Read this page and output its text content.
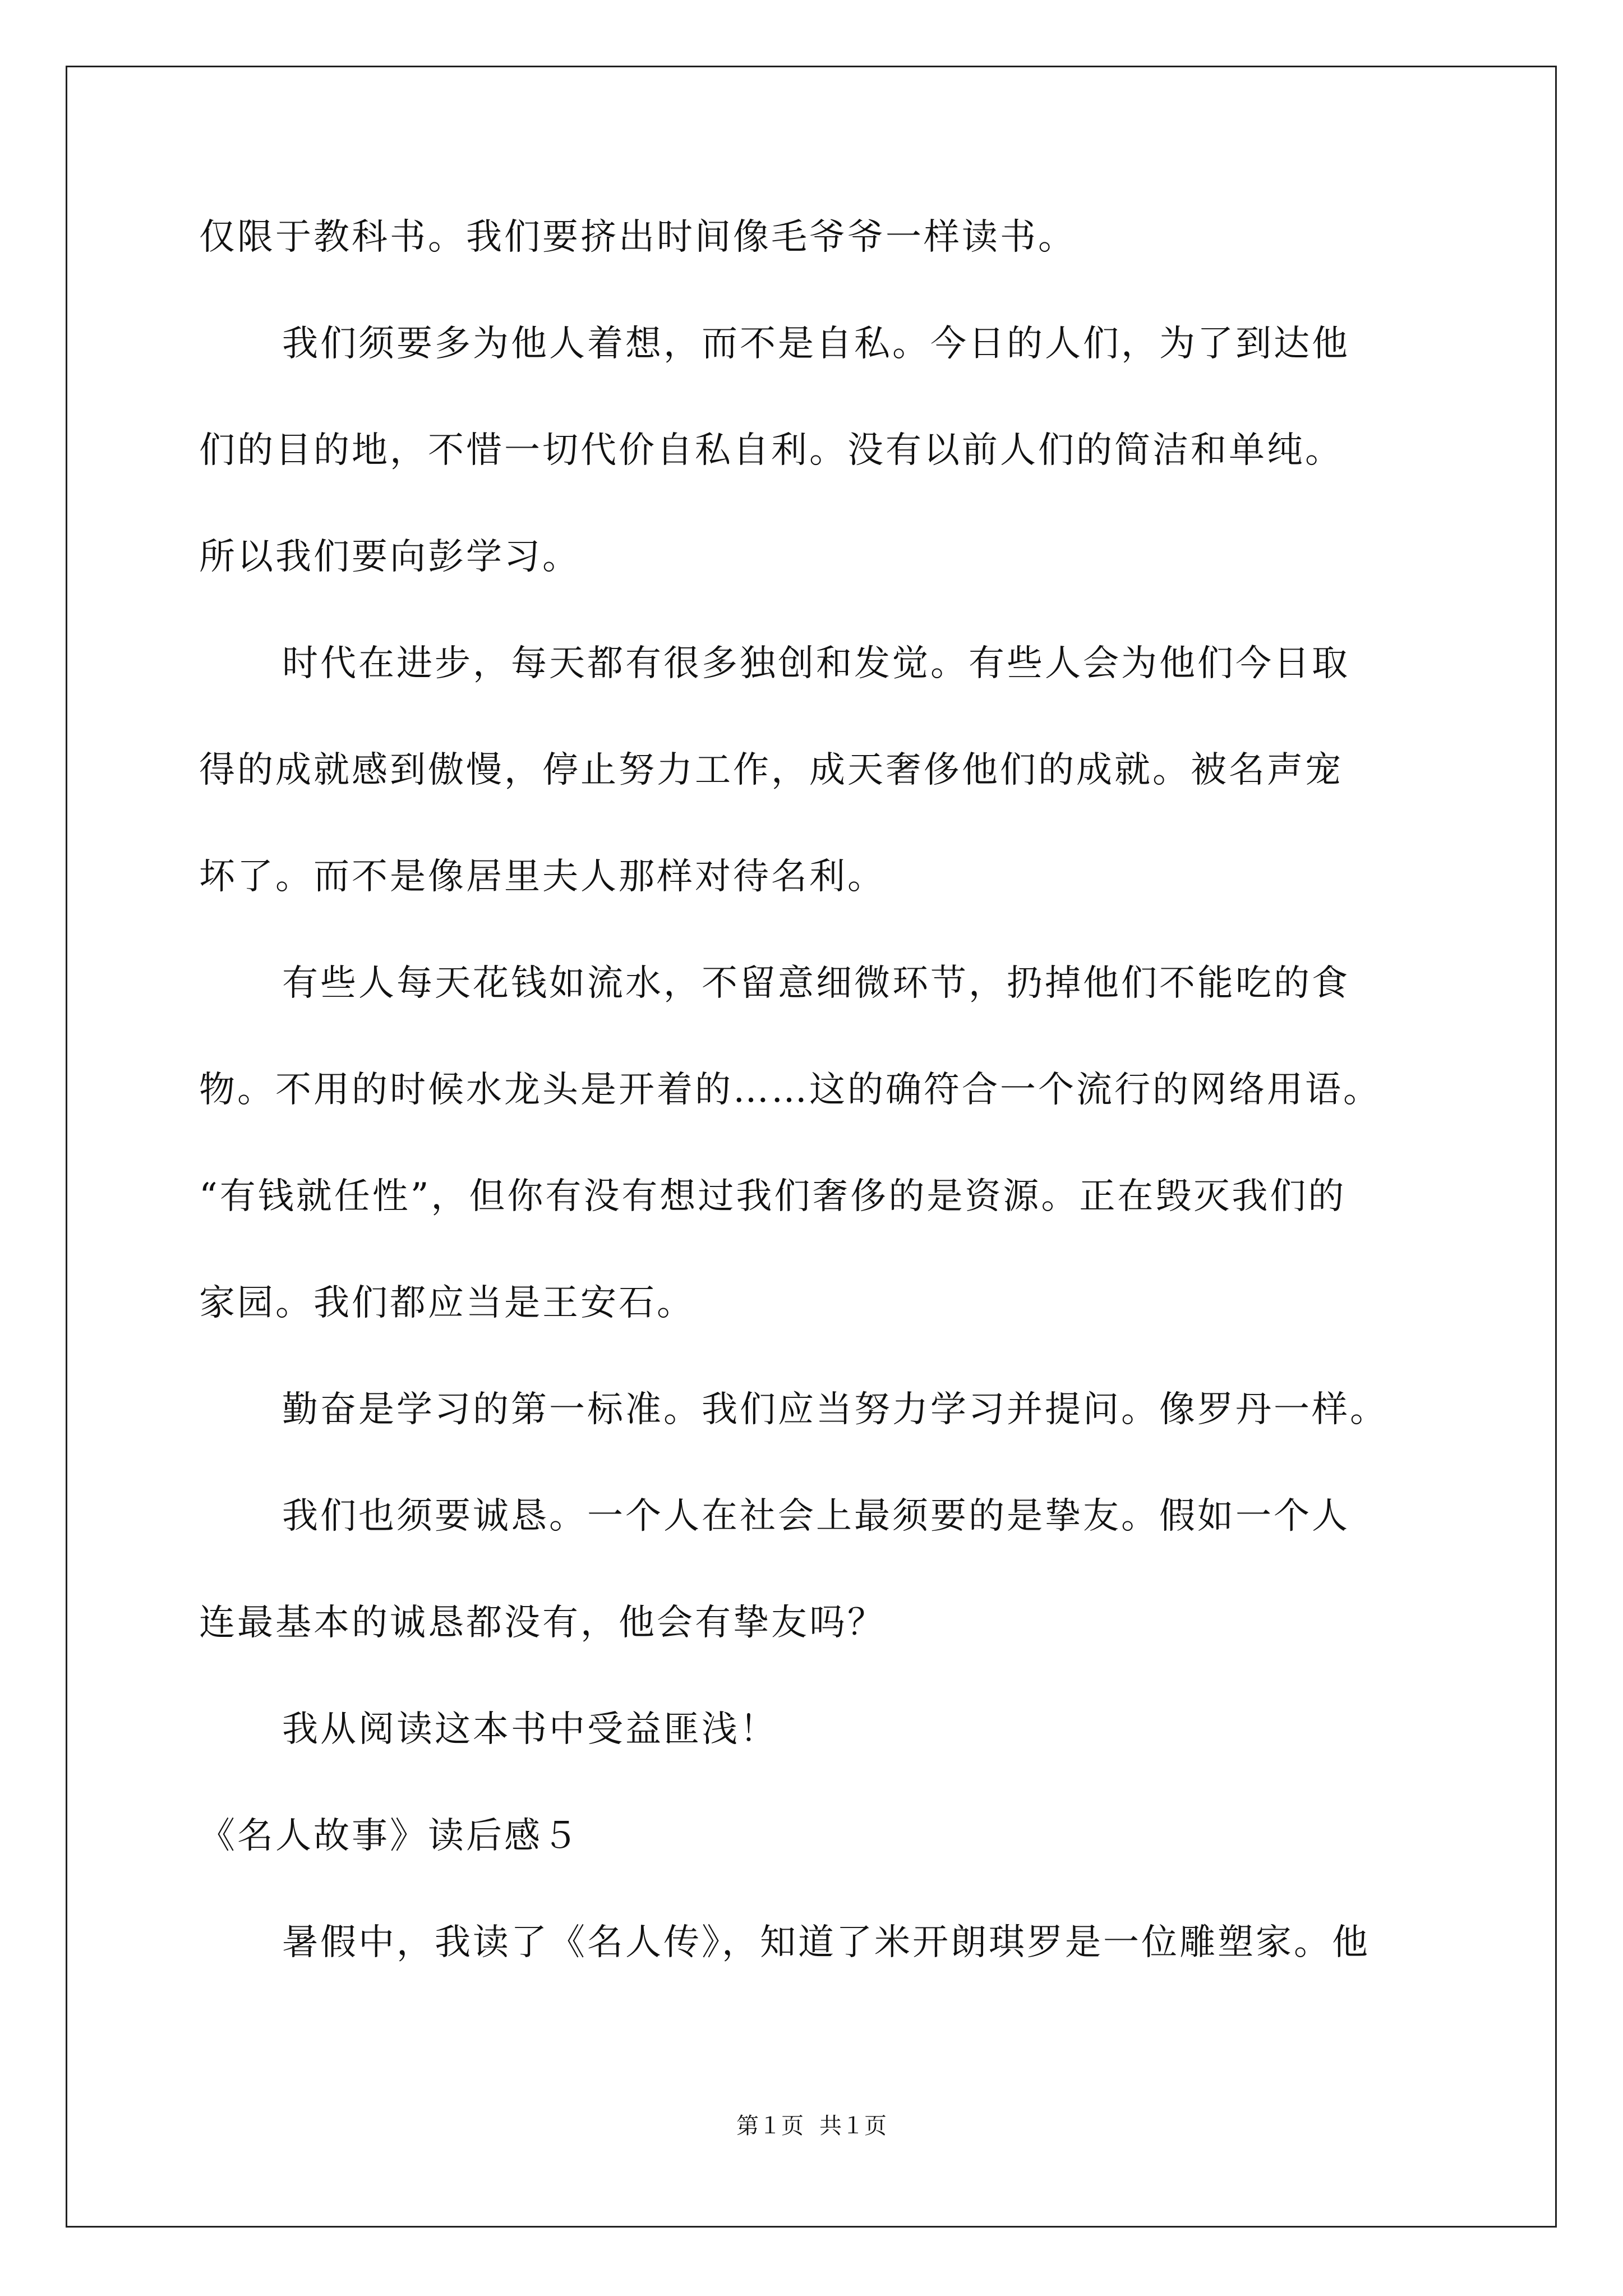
仅限于教科书。我们要挤出时间像毛爷爷一样读书。
我们须要多为他人着想，而不是自私。今日的人们，为了到达他
们的目的地，不惜一切代价自私自利。没有以前人们的简洁和单纯。
所以我们要向彭学习。
时代在进步，每天都有很多独创和发觉。有些人会为他们今日取
得的成就感到傲慢，停止努力工作，成天奢侈他们的成就。被名声宠
坏了。而不是像居里夫人那样对待名利。
有些人每天花钱如流水，不留意细微环节，扔掉他们不能吃的食
物。不用的时候水龙头是开着的……这的确符合一个流行的网络用语。
“有钱就任性”，但你有没有想过我们奢侈的是资源。正在毁灭我们的
家园。我们都应当是王安石。
勤奋是学习的第一标准。我们应当努力学习并提问。像罗丹一样。
我们也须要诚恳。一个人在社会上最须要的是挚友。假如一个人
连最基本的诚恳都没有，他会有挚友吗？
我从阅读这本书中受益匪浅！
《名人故事》读后感５
暑假中，我读了《名人传》，知道了米开朗琪罗是一位雕塑家。他
第１页 共１页
